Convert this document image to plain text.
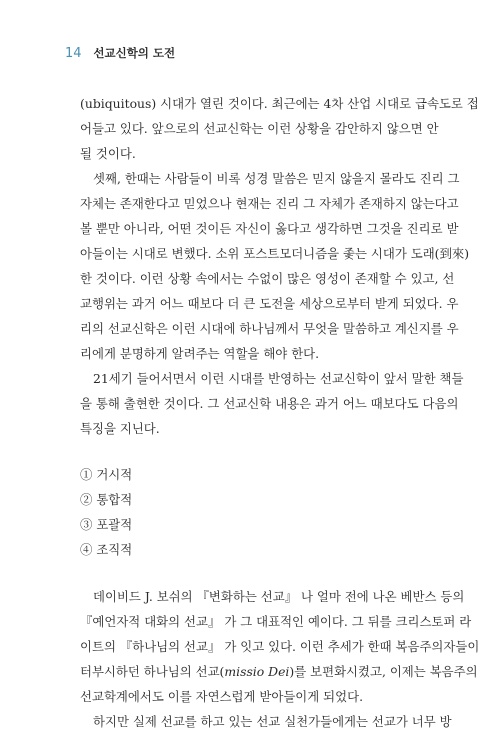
14 선교신학의 도전
(ubiquitous) 시대가 열린 것이다. 최근에는 4차 산업 시대로 급속도로 접
어들고 있다. 앞으로의 선교신학는 이런 상황을 감안하지 않으면 안
될 것이다.
셋째, 한때는 사람들이 비록 성경 말씀은 믿지 않을지 몰라도 진리 그
자체는 존재한다고 믿었으나 현재는 진리 그 자체가 존재하지 않는다고
볼 뿐만 아니라, 어떤 것이든 자신이 옳다고 생각하면 그것을 진리로 받
아들이는 시대로 변했다. 소위 포스트모더니즘을 좇는 시대가 도래(到來)
한 것이다. 이런 상황 속에서는 수없이 많은 영성이 존재할 수 있고, 선
교행위는 과거 어느 때보다 더 큰 도전을 세상으로부터 받게 되었다. 우
리의 선교신학은 이런 시대에 하나님께서 무엇을 말씀하고 계신지를 우
리에게 분명하게 알려주는 역할을 해야 한다.
21세기 들어서면서 이런 시대를 반영하는 선교신학이 앞서 말한 책들
을 통해 출현한 것이다. 그 선교신학 내용은 과거 어느 때보다도 다음의
특징을 지닌다.
① 거시적
② 통합적
③ 포괄적
④ 조직적
데이비드 J. 보쉬의 『변화하는 선교』 나 얼마 전에 나온 베반스 등의
『예언자적 대화의 선교』 가 그 대표적인 예이다. 그 뒤를 크리스토퍼 라
이트의 『하나님의 선교』 가 잇고 있다. 이런 추세가 한때 복음주의자들이
터부시하던 하나님의 선교(missio Dei)를 보편화시켰고, 이제는 복음주의
선교학계에서도 이를 자연스럽게 받아들이게 되었다.
하지만 실제 선교를 하고 있는 선교 실천가들에게는 선교가 너무 방
